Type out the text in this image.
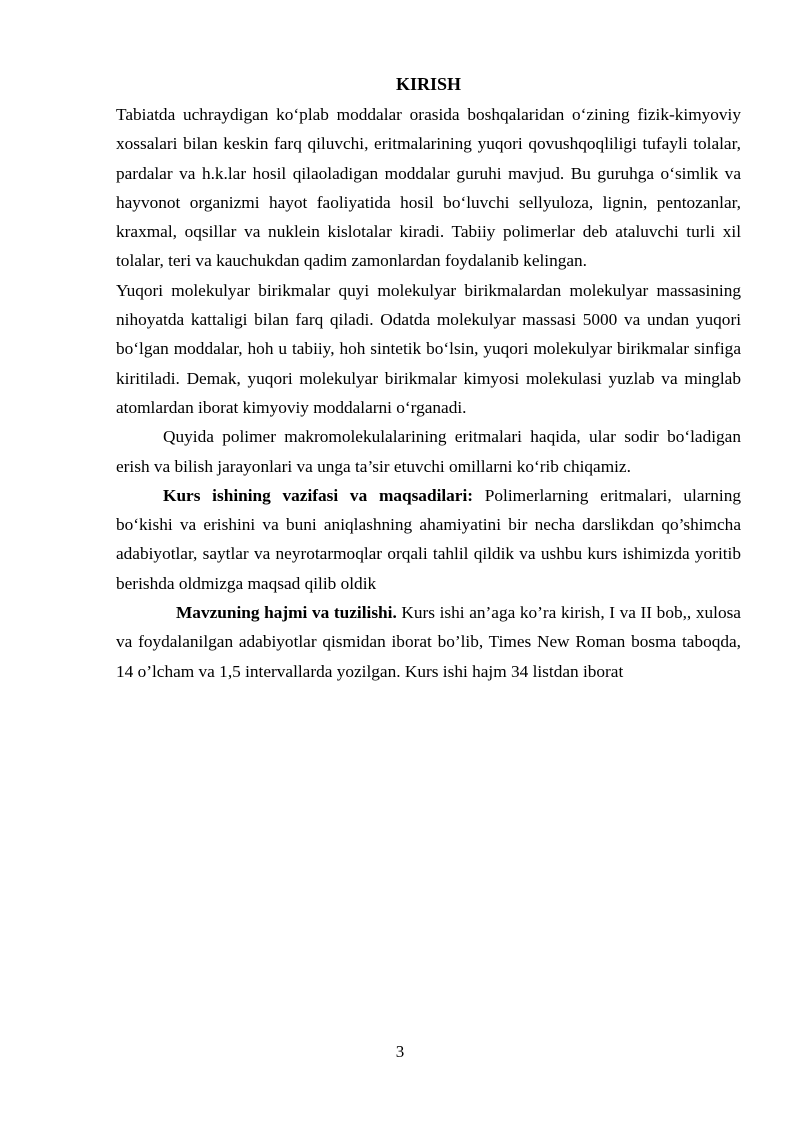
KIRISH

Tabiatda uchraydigan ko‘plab moddalar orasida boshqalaridan o‘zining fizik-kimyoviy xossalari bilan keskin farq qiluvchi, eritmalarining yuqori qovushqoqliligi tufayli tolalar, pardalar va h.k.lar hosil qilaoladigan moddalar guruhi mavjud. Bu guruhga o‘simlik va hayvonot organizmi hayot faoliyatida hosil bo‘luvchi sellyuloza, lignin, pentozanlar, kraxmal, oqsillar va nuklein kislotalar kiradi. Tabiiy polimerlar deb ataluvchi turli xil tolalar, teri va kauchukdan qadim zamonlardan foydalanib kelingan.

Yuqori molekulyar birikmalar quyi molekulyar birikmalardan molekulyar massasining nihoyatda kattaligi bilan farq qiladi. Odatda molekulyar massasi 5000 va undan yuqori bo‘lgan moddalar, hoh u tabiiy, hoh sintetik bo‘lsin, yuqori molekulyar birikmalar sinfiga kiritiladi. Demak, yuqori molekulyar birikmalar kimyosi molekulasi yuzlab va minglab atomlardan iborat kimyoviy moddalarni o‘rganadi.

Quyida polimer makromolekulalarining eritmalari haqida, ular sodir bo‘ladigan erish va bilish jarayonlari va unga ta’sir etuvchi omillarni ko‘rib chiqamiz.

Kurs ishining vazifasi va maqsadilari: Polimerlarning eritmalari, ularning bo‘kishi va erishini va buni aniqlashning ahamiyatini bir necha darslikdan qo’shimcha adabiyotlar, saytlar va neyrotarmoqlar orqali tahlil qildik va ushbu kurs ishimizda yoritib berishda oldmizga maqsad qilib oldik

Mavzuning hajmi va tuzilishi. Kurs ishi an’aga ko’ra kirish, I va II bob,, xulosa va foydalanilgan adabiyotlar qismidan iborat bo’lib, Times New Roman bosma taboqda, 14 o’lcham va 1,5 intervallarda yozilgan. Kurs ishi hajm 34 listdan iborat

3
